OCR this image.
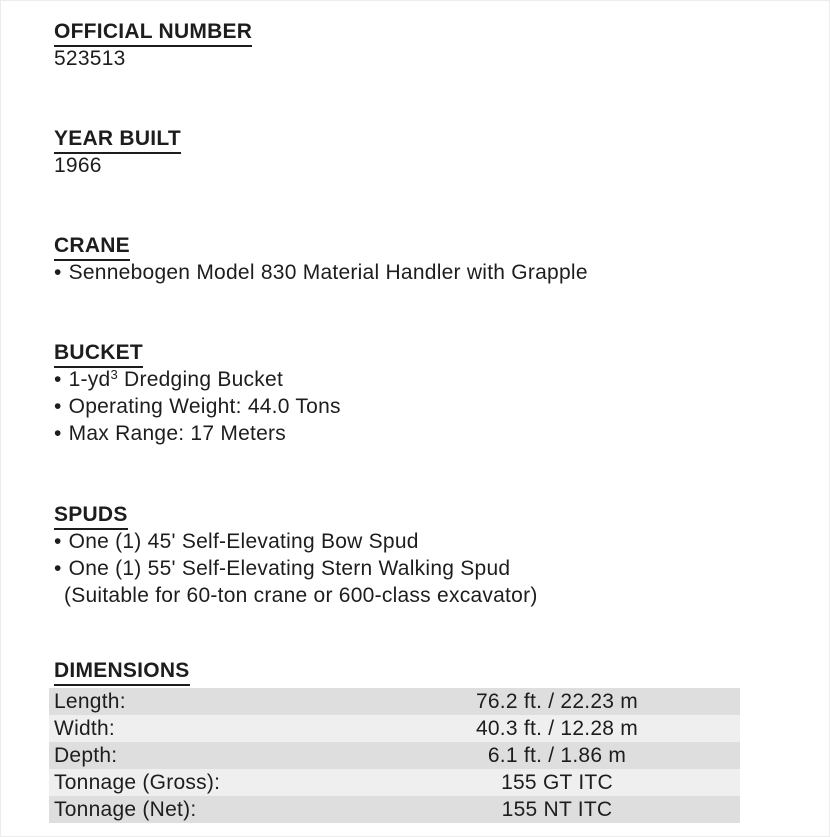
OFFICIAL NUMBER
523513
YEAR BUILT
1966
CRANE
• Sennebogen Model 830 Material Handler with Grapple
BUCKET
• $1-yd^3$ Dredging Bucket
• Operating Weight: 44.0 Tons
• Max Range: 17 Meters
SPUDS
• One (1) 45' Self-Elevating Bow Spud
• One (1) 55' Self-Elevating Stern Walking Spud
(Suitable for 60-ton crane or 600-class excavator)
DIMENSIONS
Length:	76.2 ft. / 22.23 m
Width:	40.3 ft. / 12.28 m
Depth:	6.1 ft. / 1.86 m
Tonnage (Gross):	155 GT ITC
Tonnage (Net):	155 NT ITC
